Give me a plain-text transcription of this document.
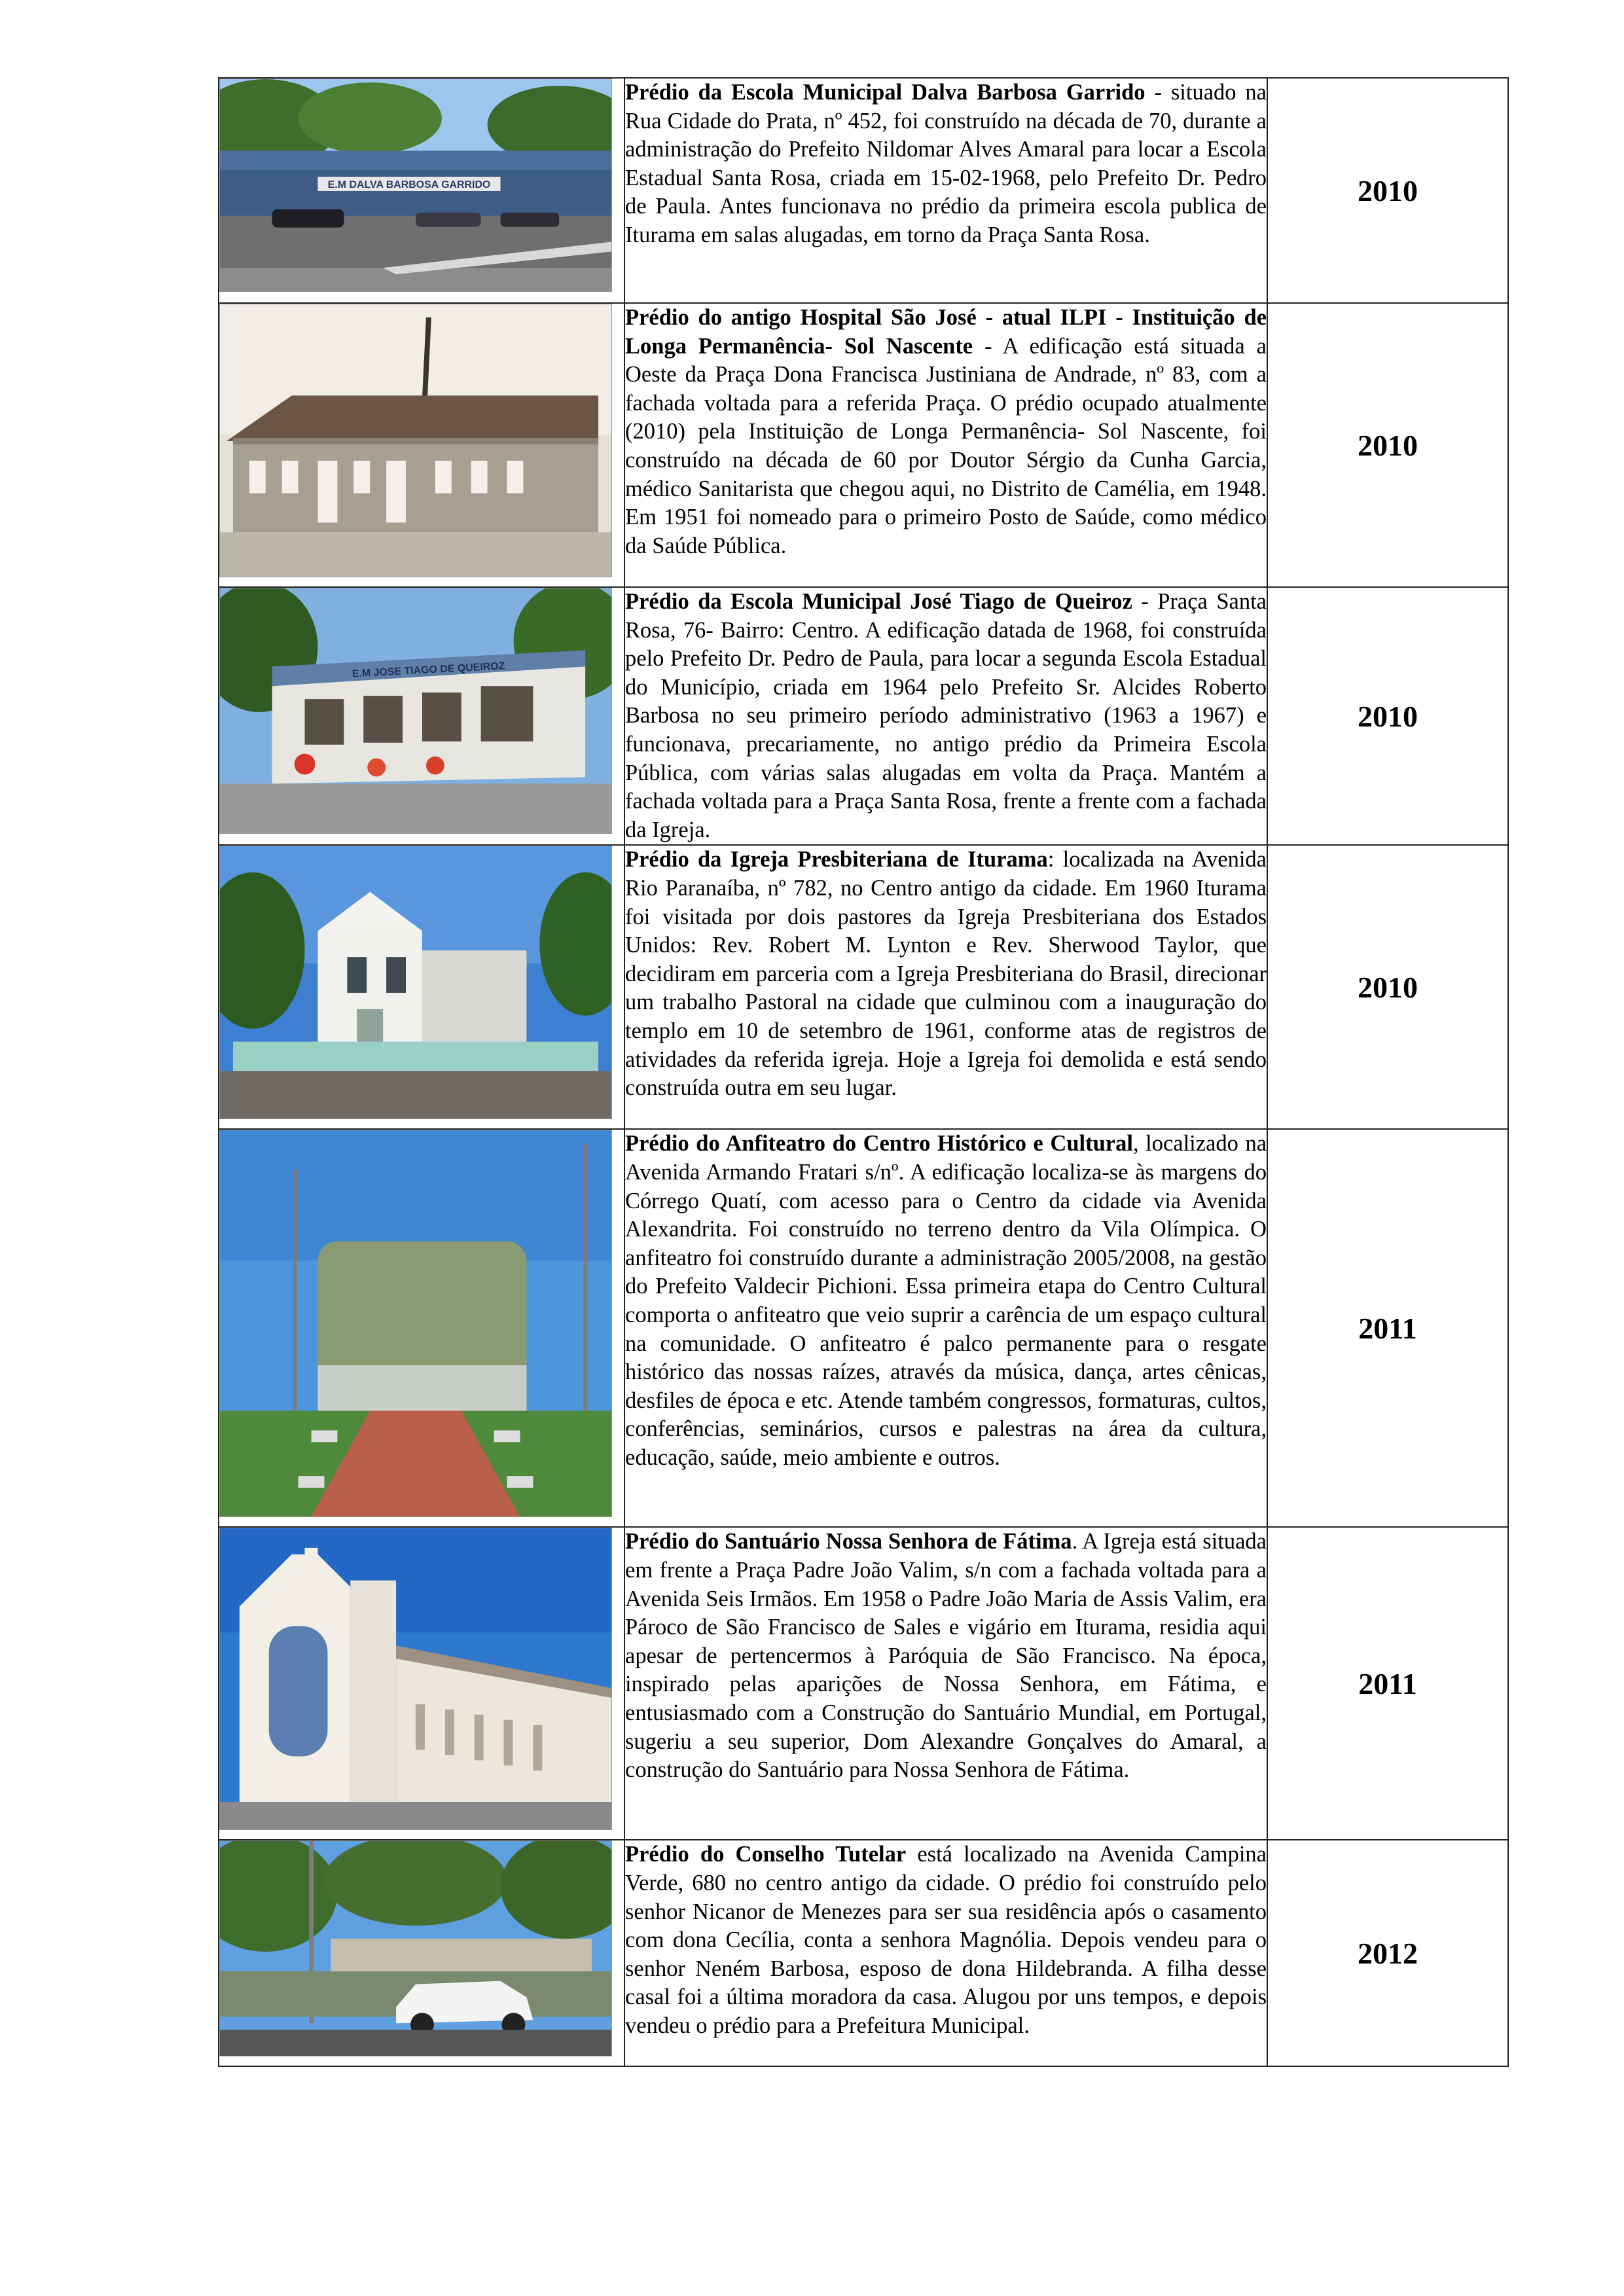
E.M DALVA BARBOSA GARRIDO	Prédio da Escola Municipal Dalva Barbosa Garrido - situado na Rua Cidade do Prata, nº 452, foi construído na década de 70, durante a administração do Prefeito Nildomar Alves Amaral para locar a Escola Estadual Santa Rosa, criada em 15-02-1968, pelo Prefeito Dr. Pedro de Paula. Antes funcionava no prédio da primeira escola publica de Iturama em salas alugadas, em torno da Praça Santa Rosa.	2010

Prédio do antigo Hospital São José - atual ILPI - Instituição de Longa Permanência- Sol Nascente - A edificação está situada a Oeste da Praça Dona Francisca Justiniana de Andrade, nº 83, com a fachada voltada para a referida Praça. O prédio ocupado atualmente (2010) pela Instituição de Longa Permanência- Sol Nascente, foi construído na década de 60 por Doutor Sérgio da Cunha Garcia, médico Sanitarista que chegou aqui, no Distrito de Camélia, em 1948. Em 1951 foi nomeado para o primeiro Posto de Saúde, como médico da Saúde Pública.	2010

E.M JOSE TIAGO DE QUEIROZ	Prédio da Escola Municipal José Tiago de Queiroz - Praça Santa Rosa, 76- Bairro: Centro. A edificação datada de 1968, foi construída pelo Prefeito Dr. Pedro de Paula, para locar a segunda Escola Estadual do Município, criada em 1964 pelo Prefeito Sr. Alcides Roberto Barbosa no seu primeiro período administrativo (1963 a 1967) e funcionava, precariamente, no antigo prédio da Primeira Escola Pública, com várias salas alugadas em volta da Praça. Mantém a fachada voltada para a Praça Santa Rosa, frente a frente com a fachada da Igreja.	2010

Prédio da Igreja Presbiteriana de Iturama: localizada na Avenida Rio Paranaíba, nº 782, no Centro antigo da cidade. Em 1960 Iturama foi visitada por dois pastores da Igreja Presbiteriana dos Estados Unidos: Rev. Robert M. Lynton e Rev. Sherwood Taylor, que decidiram em parceria com a Igreja Presbiteriana do Brasil, direcionar um trabalho Pastoral na cidade que culminou com a inauguração do templo em 10 de setembro de 1961, conforme atas de registros de atividades da referida igreja. Hoje a Igreja foi demolida e está sendo construída outra em seu lugar.	2010

Prédio do Anfiteatro do Centro Histórico e Cultural, localizado na Avenida Armando Fratari s/nº. A edificação localiza-se às margens do Córrego Quatí, com acesso para o Centro da cidade via Avenida Alexandrita. Foi construído no terreno dentro da Vila Olímpica. O anfiteatro foi construído durante a administração 2005/2008, na gestão do Prefeito Valdecir Pichioni. Essa primeira etapa do Centro Cultural comporta o anfiteatro que veio suprir a carência de um espaço cultural na comunidade. O anfiteatro é palco permanente para o resgate histórico das nossas raízes, através da música, dança, artes cênicas, desfiles de época e etc. Atende também congressos, formaturas, cultos, conferências, seminários, cursos e palestras na área da cultura, educação, saúde, meio ambiente e outros.	2011

Prédio do Santuário Nossa Senhora de Fátima. A Igreja está situada em frente a Praça Padre João Valim, s/n com a fachada voltada para a Avenida Seis Irmãos. Em 1958 o Padre João Maria de Assis Valim, era Pároco de São Francisco de Sales e vigário em Iturama, residia aqui apesar de pertencermos à Paróquia de São Francisco. Na época, inspirado pelas aparições de Nossa Senhora, em Fátima, e entusiasmado com a Construção do Santuário Mundial, em Portugal, sugeriu a seu superior, Dom Alexandre Gonçalves do Amaral, a construção do Santuário para Nossa Senhora de Fátima.	2011

Prédio do Conselho Tutelar está localizado na Avenida Campina Verde, 680 no centro antigo da cidade. O prédio foi construído pelo senhor Nicanor de Menezes para ser sua residência após o casamento com dona Cecília, conta a senhora Magnólia. Depois vendeu para o senhor Neném Barbosa, esposo de dona Hildebranda. A filha desse casal foi a última moradora da casa. Alugou por uns tempos, e depois vendeu o prédio para a Prefeitura Municipal.	2012
